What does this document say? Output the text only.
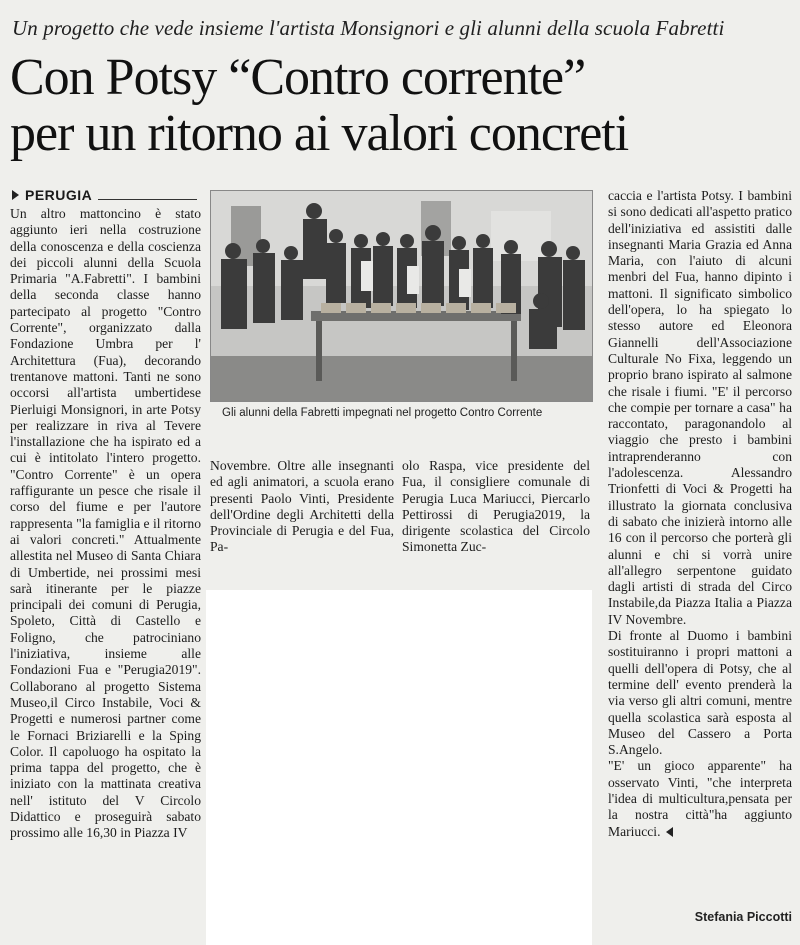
Un progetto che vede insieme l'artista Monsignori e gli alunni della scuola Fabretti
Con Potsy “Contro corrente”
per un ritorno ai valori concreti
PERUGIA

Un altro mattoncino è stato aggiunto ieri nella costruzione della conoscenza e della coscienza dei piccoli alunni della Scuola Primaria "A.Fabretti". I bambini della seconda classe hanno partecipato al progetto "Contro Corrente", organizzato dalla Fondazione Umbra per l' Architettura (Fua), decorando trentanove mattoni. Tanti ne sono occorsi all'artista umbertidese Pierluigi Monsignori, in arte Potsy per realizzare in riva al Tevere l'installazione che ha ispirato ed a cui è intitolato l'intero progetto. "Contro Corrente" è un opera raffigurante un pesce che risale il corso del fiume e per l'autore rappresenta "la famiglia e il ritorno ai valori concreti." Attualmente allestita nel Museo di Santa Chiara di Umbertide, nei prossimi mesi sarà itinerante per le piazze principali dei comuni di Perugia, Spoleto, Città di Castello e Foligno, che patrociniano l'iniziativa, insieme alle Fondazioni Fua e "Perugia2019". Collaborano al progetto Sistema Museo,il Circo Instabile, Voci & Progetti e numerosi partner come le Fornaci Briziarelli e la Sping Color. Il capoluogo ha ospitato la prima tappa del progetto, che è iniziato con la mattinata creativa nell' istituto del V Circolo Didattico e proseguirà sabato prossimo alle 16,30 in Piazza IV

Gli alunni della Fabretti impegnati nel progetto Contro Corrente

Novembre. Oltre alle insegnanti ed agli animatori, a scuola erano presenti Paolo Vinti, Presidente dell'Ordine degli Architetti della Provinciale di Perugia e del Fua, Pa-

olo Raspa, vice presidente del Fua, il consigliere comunale di Perugia Luca Mariucci, Piercarlo Pettirossi di Perugia2019, la dirigente scolastica del Circolo Simonetta Zuc-

caccia e l'artista Potsy. I bambini si sono dedicati all'aspetto pratico dell'iniziativa ed assistiti dalle insegnanti Maria Grazia ed Anna Maria, con l'aiuto di alcuni menbri del Fua, hanno dipinto i mattoni. Il significato simbolico dell'opera, lo ha spiegato lo stesso autore ed Eleonora Giannelli dell'Associazione Culturale No Fixa, leggendo un proprio brano ispirato al salmone che risale i fiumi. "E' il percorso che compie per tornare a casa" ha raccontato, paragonandolo al viaggio che presto i bambini intraprenderanno con l'adolescenza. Alessandro Trionfetti di Voci & Progetti ha illustrato la giornata conclusiva di sabato che inizierà intorno alle 16 con il percorso che porterà gli alunni e chi si vorrà unire all'allegro serpentone guidato dagli artisti di strada del Circo Instabile,da Piazza Italia a Piazza IV Novembre.

Di fronte al Duomo i bambini sostituiranno i propri mattoni a quelli dell'opera di Potsy, che al termine dell' evento prenderà la via verso gli altri comuni, mentre quella scolastica sarà esposta al Museo del Cassero a Porta S.Angelo.

"E' un gioco apparente" ha osservato Vinti, "che interpreta l'idea di multicultura,pensata per la nostra città"ha aggiunto Mariucci.

Stefania Piccotti
